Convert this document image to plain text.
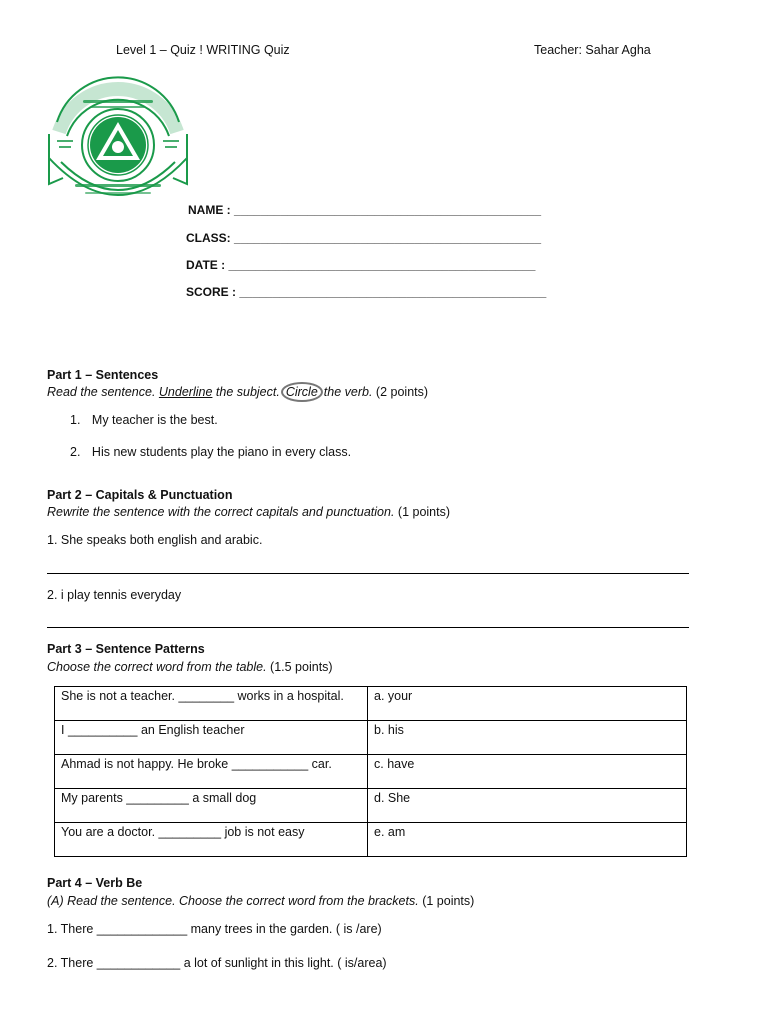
Level 1 – Quiz ! WRITING Quiz	Teacher: Sahar Agha
NAME : ______________________________________________
CLASS: ______________________________________________
DATE : ______________________________________________
SCORE : ______________________________________________
Part 1 – Sentences
Read the sentence. Underline the subject. Circle the verb. (2 points)
1. My teacher is the best.
2. His new students play the piano in every class.
Part 2 – Capitals & Punctuation
Rewrite the sentence with the correct capitals and punctuation. (1 points)
1. She speaks both english and arabic.
2. i play tennis everyday
Part 3 – Sentence Patterns
Choose the correct word from the table. (1.5 points)
She is not a teacher. ________ works in a hospital.	a. your
I __________ an English teacher	b. his
Ahmad is not happy. He broke ___________ car.	c. have
My parents _________ a small dog	d. She
You are a doctor. _________ job is not easy	e. am
Part 4 – Verb Be
(A) Read the sentence. Choose the correct word from the brackets. (1 points)
1. There _____________ many trees in the garden. ( is /are)
2. There ____________ a lot of sunlight in this light. ( is/area)
